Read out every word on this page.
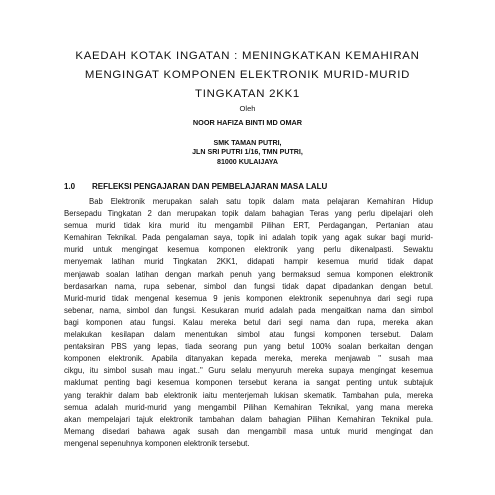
KAEDAH KOTAK INGATAN : MENINGKATKAN KEMAHIRAN
MENGINGAT KOMPONEN ELEKTRONIK MURID-MURID
TINGKATAN 2KK1
Oleh
NOOR HAFIZA BINTI MD OMAR
SMK TAMAN PUTRI,
JLN SRI PUTRI 1/16, TMN PUTRI,
81000 KULAIJAYA
1.0 REFLEKSI PENGAJARAN DAN PEMBELAJARAN MASA LALU
Bab Elektronik merupakan salah satu topik dalam mata pelajaran Kemahiran Hidup
Bersepadu Tingkatan 2 dan merupakan topik dalam bahagian Teras yang perlu dipelajari oleh
semua murid tidak kira murid itu mengambil Pilihan ERT, Perdagangan, Pertanian atau
Kemahiran Teknikal. Pada pengalaman saya, topik ini adalah topik yang agak sukar bagi murid-
murid untuk mengingat kesemua komponen elektronik yang perlu dikenalpasti. Sewaktu
menyemak latihan murid Tingkatan 2KK1, didapati hampir kesemua murid tidak dapat
menjawab soalan latihan dengan markah penuh yang bermaksud semua komponen elektronik
berdasarkan nama, rupa sebenar, simbol dan fungsi tidak dapat dipadankan dengan betul.
Murid-murid tidak mengenal kesemua 9 jenis komponen elektronik sepenuhnya dari segi rupa
sebenar, nama, simbol dan fungsi. Kesukaran murid adalah pada mengaitkan nama dan simbol
bagi komponen atau fungsi. Kalau mereka betul dari segi nama dan rupa, mereka akan
melakukan kesilapan dalam menentukan simbol atau fungsi komponen tersebut. Dalam
pentaksiran PBS yang lepas, tiada seorang pun yang betul 100% soalan berkaitan dengan
komponen elektronik. Apabila ditanyakan kepada mereka, mereka menjawab " susah maa
cikgu, itu simbol susah mau ingat.." Guru selalu menyuruh mereka supaya mengingat kesemua
maklumat penting bagi kesemua komponen tersebut kerana ia sangat penting untuk subtajuk
yang terakhir dalam bab elektronik iaitu menterjemah lukisan skematik. Tambahan pula, mereka
semua adalah murid-murid yang mengambil Pilihan Kemahiran Teknikal, yang mana mereka
akan mempelajari tajuk elektronik tambahan dalam bahagian Pilihan Kemahiran Teknikal pula.
Memang disedari bahawa agak susah dan mengambil masa untuk murid mengingat dan
mengenal sepenuhnya komponen elektronik tersebut.
